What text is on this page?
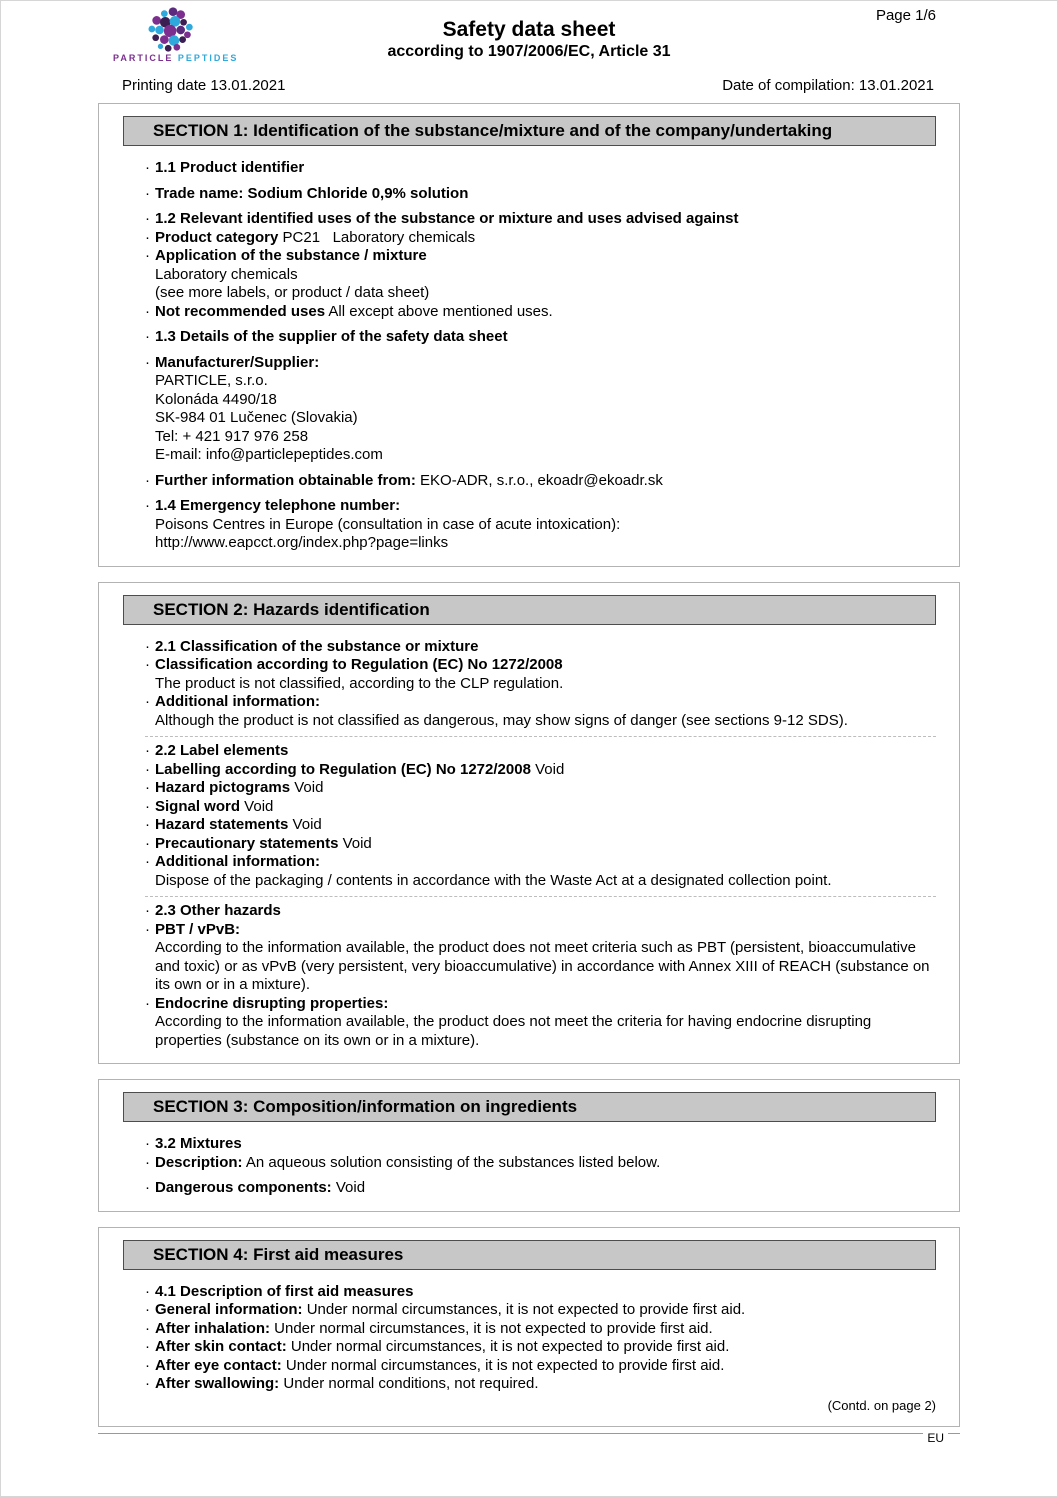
Page 1/6
PARTICLE PEPTIDES
Safety data sheet
according to 1907/2006/EC, Article 31
Printing date 13.01.2021	Date of compilation: 13.01.2021
SECTION 1: Identification of the substance/mixture and of the company/undertaking
· 1.1 Product identifier
· Trade name: Sodium Chloride 0,9% solution
· 1.2 Relevant identified uses of the substance or mixture and uses advised against
· Product category PC21   Laboratory chemicals
· Application of the substance / mixture
Laboratory chemicals
(see more labels, or product / data sheet)
· Not recommended uses All except above mentioned uses.
· 1.3 Details of the supplier of the safety data sheet
· Manufacturer/Supplier:
PARTICLE, s.r.o.
Kolonáda 4490/18
SK-984 01 Lučenec (Slovakia)
Tel: + 421 917 976 258
E-mail: info@particlepeptides.com
· Further information obtainable from: EKO-ADR, s.r.o., ekoadr@ekoadr.sk
· 1.4 Emergency telephone number:
Poisons Centres in Europe (consultation in case of acute intoxication):
http://www.eapcct.org/index.php?page=links
SECTION 2: Hazards identification
· 2.1 Classification of the substance or mixture
· Classification according to Regulation (EC) No 1272/2008
The product is not classified, according to the CLP regulation.
· Additional information:
Although the product is not classified as dangerous, may show signs of danger (see sections 9-12 SDS).
· 2.2 Label elements
· Labelling according to Regulation (EC) No 1272/2008 Void
· Hazard pictograms Void
· Signal word Void
· Hazard statements Void
· Precautionary statements Void
· Additional information:
Dispose of the packaging / contents in accordance with the Waste Act at a designated collection point.
· 2.3 Other hazards
· PBT / vPvB:
According to the information available, the product does not meet criteria such as PBT (persistent, bioaccumulative and toxic) or as vPvB (very persistent, very bioaccumulative) in accordance with Annex XIII of REACH (substance on its own or in a mixture).
· Endocrine disrupting properties:
According to the information available, the product does not meet the criteria for having endocrine disrupting properties (substance on its own or in a mixture).
SECTION 3: Composition/information on ingredients
· 3.2 Mixtures
· Description: An aqueous solution consisting of the substances listed below.
· Dangerous components: Void
SECTION 4: First aid measures
· 4.1 Description of first aid measures
· General information: Under normal circumstances, it is not expected to provide first aid.
· After inhalation: Under normal circumstances, it is not expected to provide first aid.
· After skin contact: Under normal circumstances, it is not expected to provide first aid.
· After eye contact: Under normal circumstances, it is not expected to provide first aid.
· After swallowing: Under normal conditions, not required.
(Contd. on page 2)
EU
